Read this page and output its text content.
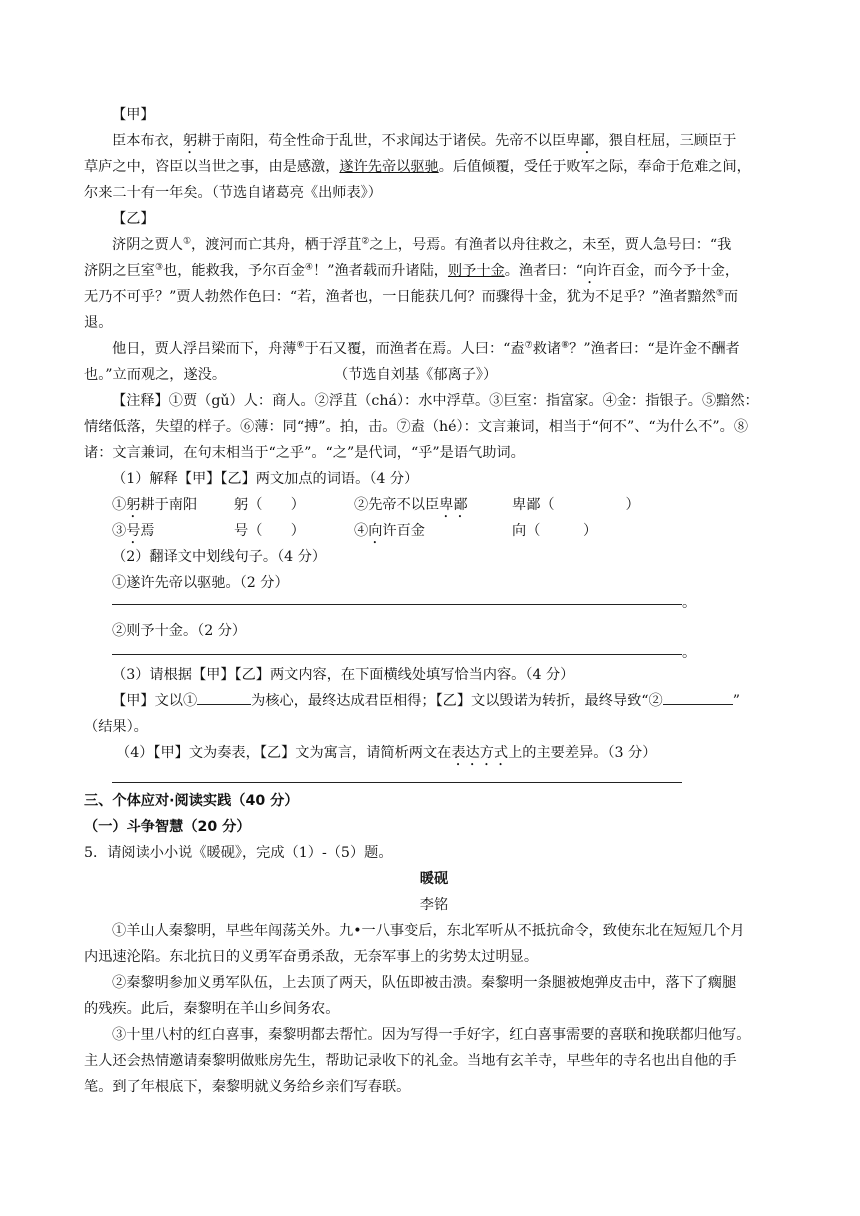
【甲】
臣本布衣，躬耕于南阳，苟全性命于乱世，不求闻达于诸侯。先帝不以臣卑鄙，猥自枉屈，三顾臣于
草庐之中，咨臣以当世之事，由是感激，遂许先帝以驱驰。后值倾覆，受任于败军之际，奉命于危难之间，
尔来二十有一年矣。（节选自诸葛亮《出师表》）
【乙】
济阴之贾人①，渡河而亡其舟，栖于浮苴②之上，号焉。有渔者以舟往救之，未至，贾人急号曰：“我
济阴之巨室③也，能救我，予尔百金④！”渔者载而升诸陆，则予十金。渔者曰：“向许百金，而今予十金，
无乃不可乎？”贾人勃然作色曰：“若，渔者也，一日能获几何？而骤得十金，犹为不足乎？”渔者黯然⑤而
退。
他日，贾人浮吕梁而下，舟薄⑥于石又覆，而渔者在焉。人曰：“盍⑦救诸⑧？”渔者曰：“是许金不酬者
也。”立而观之，遂没。	（节选自刘基《郁离子》）
【注释】①贾（gǔ）人：商人。②浮苴（chá）：水中浮草。③巨室：指富家。④金：指银子。⑤黯然：
情绪低落，失望的样子。⑥薄：同“搏”。拍，击。⑦盍（hé）：文言兼词，相当于“何不”、“为什么不”。⑧
诸：文言兼词，在句末相当于“之乎”。“之”是代词，“乎”是语气助词。
（1）解释【甲】【乙】两文加点的词语。（4 分）
①躬耕于南阳	躬（　　）	②先帝不以臣卑鄙	卑鄙（　　　　　）
③号焉	号（　　）	④向许百金	向（　　　）
（2）翻译文中划线句子。（4 分）
①遂许先帝以驱驰。（2 分）
。
②则予十金。（2 分）
。
（3）请根据【甲】【乙】两文内容，在下面横线处填写恰当内容。（4 分）
【甲】文以①	为核心，最终达成君臣相得；【乙】文以毁诺为转折，最终导致“②	”
（结果）。
（4）【甲】文为奏表，【乙】文为寓言，请简析两文在表达方式上的主要差异。（3 分）
三、个体应对·阅读实践（40 分）
（一）斗争智慧（20 分）
5．请阅读小小说《暖砚》，完成（1）-（5）题。
暖砚
李铭
①羊山人秦黎明，早些年闯荡关外。九•一八事变后，东北军听从不抵抗命令，致使东北在短短几个月
内迅速沦陷。东北抗日的义勇军奋勇杀敌，无奈军事上的劣势太过明显。
②秦黎明参加义勇军队伍，上去顶了两天，队伍即被击溃。秦黎明一条腿被炮弹皮击中，落下了瘸腿
的残疾。此后，秦黎明在羊山乡间务农。
③十里八村的红白喜事，秦黎明都去帮忙。因为写得一手好字，红白喜事需要的喜联和挽联都归他写。
主人还会热情邀请秦黎明做账房先生，帮助记录收下的礼金。当地有玄羊寺，早些年的寺名也出自他的手
笔。到了年根底下，秦黎明就义务给乡亲们写春联。
